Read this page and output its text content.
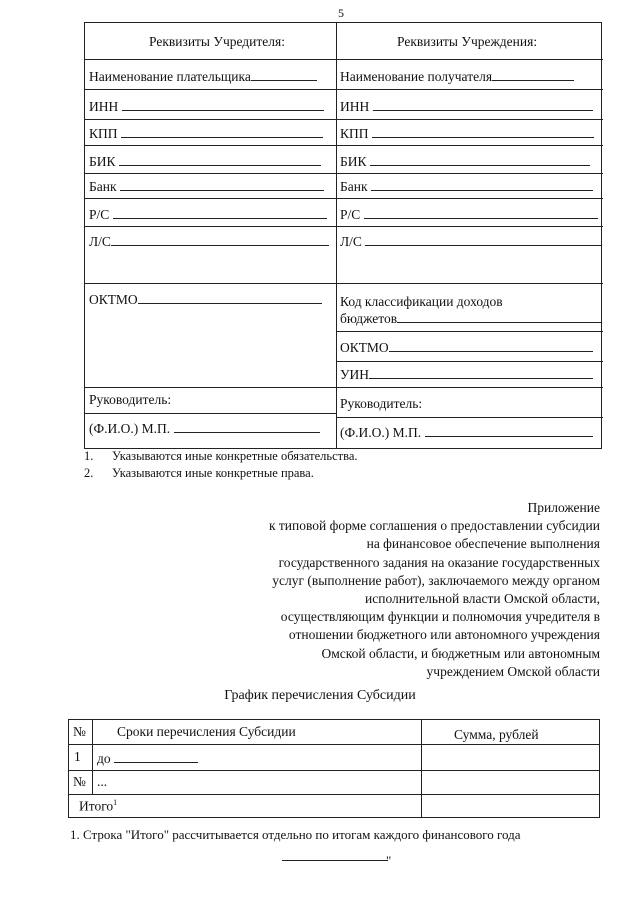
5
Реквизиты Учредителя:	Реквизиты Учреждения:
Наименование плательщика
ИНН
КПП
БИК
Банк
Р/С
Л/С
ОКТМО
Руководитель:
(Ф.И.О.) М.П.
Наименование получателя
ИНН
КПП
БИК
Банк
Р/С
Л/С
Код классификации доходов
бюджетов
ОКТМО
УИН
Руководитель:
(Ф.И.О.) М.П.
1. Указываются иные конкретные обязательства.
2. Указываются иные конкретные права.
Приложение
к типовой форме соглашения о предоставлении субсидии
на финансовое обеспечение выполнения
государственного задания на оказание государственных
услуг (выполнение работ), заключаемого между органом
исполнительной власти Омской области,
осуществляющим функции и полномочия учредителя в
отношении бюджетного или автономного учреждения
Омской области, и бюджетным или автономным
учреждением Омской области
График перечисления Субсидии
№ Сроки перечисления Субсидии	Сумма, рублей
1 до
№ ...
Итого$^1$
1. Строка "Итого" рассчитывается отдельно по итогам каждого финансового года
"
